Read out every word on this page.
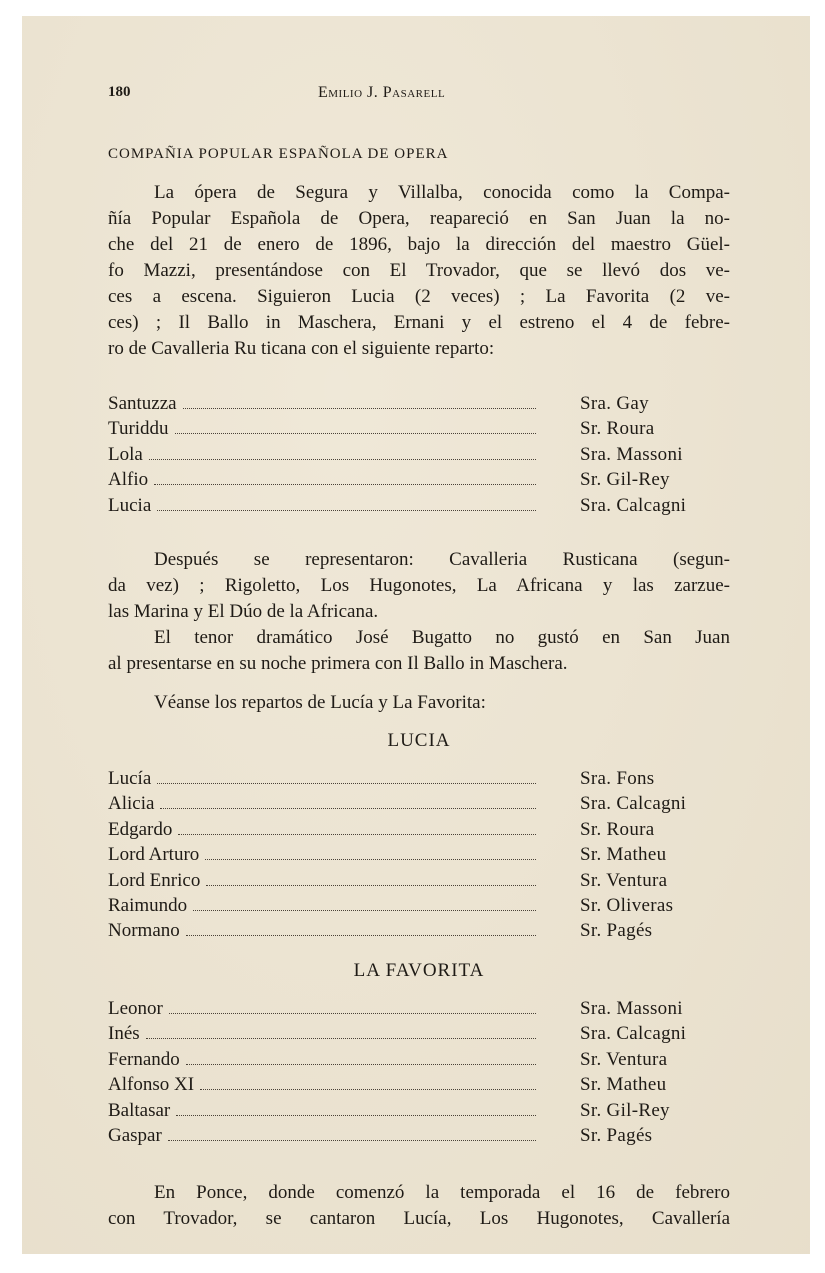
180	Emilio J. Pasarell
COMPAÑIA POPULAR ESPAÑOLA DE OPERA
La ópera de Segura y Villalba, conocida como la Compa-
ñía Popular Española de Opera, reapareció en San Juan la no-
che del 21 de enero de 1896, bajo la dirección del maestro Güel-
fo Mazzi, presentándose con El Trovador, que se llevó dos ve-
ces a escena. Siguieron Lucia (2 veces) ; La Favorita (2 ve-
ces) ; Il Ballo in Maschera, Ernani y el estreno el 4 de febre-
ro de Cavalleria Ru ticana con el siguiente reparto:
Santuzza	Sra. Gay
Turiddu	Sr. Roura
Lola	Sra. Massoni
Alfio	Sr. Gil-Rey
Lucia	Sra. Calcagni
Después se representaron: Cavalleria Rusticana (segun-
da vez) ; Rigoletto, Los Hugonotes, La Africana y las zarzue-
las Marina y El Dúo de la Africana.
El tenor dramático José Bugatto no gustó en San Juan
al presentarse en su noche primera con Il Ballo in Maschera.
Véanse los repartos de Lucía y La Favorita:
LUCIA
Lucía	Sra. Fons
Alicia	Sra. Calcagni
Edgardo	Sr. Roura
Lord Arturo	Sr. Matheu
Lord Enrico	Sr. Ventura
Raimundo	Sr. Oliveras
Normano	Sr. Pagés
LA FAVORITA
Leonor	Sra. Massoni
Inés	Sra. Calcagni
Fernando	Sr. Ventura
Alfonso XI	Sr. Matheu
Baltasar	Sr. Gil-Rey
Gaspar	Sr. Pagés
En Ponce, donde comenzó la temporada el 16 de febrero
con Trovador, se cantaron Lucía, Los Hugonotes, Cavallería
